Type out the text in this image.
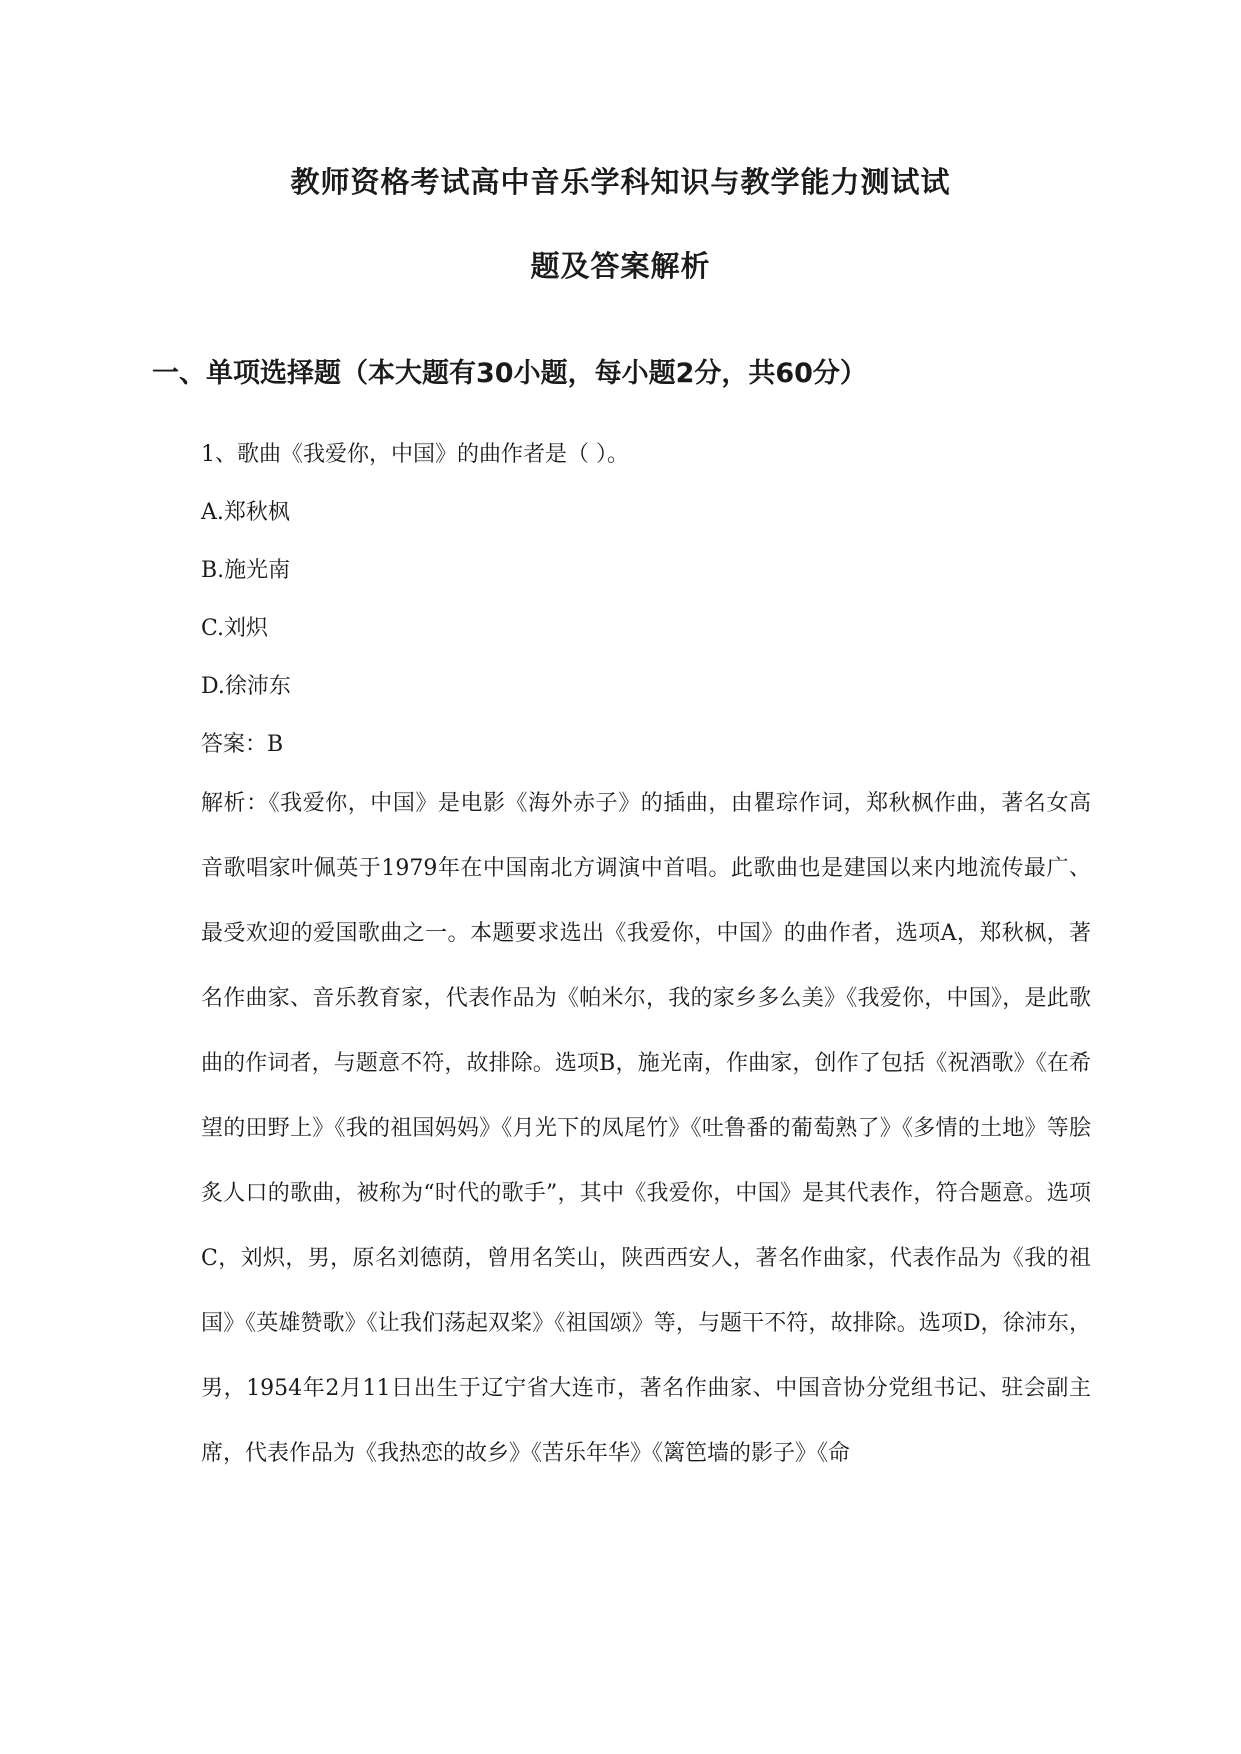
教师资格考试高中音乐学科知识与教学能力测试试
题及答案解析
一、单项选择题（本大题有30小题，每小题2分，共60分）
1、歌曲《我爱你，中国》的曲作者是（ ）。
A.郑秋枫
B.施光南
C.刘炽
D.徐沛东
答案：B
解析：《我爱你，中国》是电影《海外赤子》的插曲，由瞿琮作词，郑秋枫作曲，著名女高音歌唱家叶佩英于1979年在中国南北方调演中首唱。此歌曲也是建国以来内地流传最广、最受欢迎的爱国歌曲之一。本题要求选出《我爱你，中国》的曲作者，选项A，郑秋枫，著名作曲家、音乐教育家，代表作品为《帕米尔，我的家乡多么美》《我爱你，中国》，是此歌曲的作词者，与题意不符，故排除。选项B，施光南，作曲家，创作了包括《祝酒歌》《在希望的田野上》《我的祖国妈妈》《月光下的凤尾竹》《吐鲁番的葡萄熟了》《多情的土地》等脍炙人口的歌曲，被称为“时代的歌手”，其中《我爱你，中国》是其代表作，符合题意。选项C，刘炽，男，原名刘德荫，曾用名笑山，陕西西安人，著名作曲家，代表作品为《我的祖国》《英雄赞歌》《让我们荡起双桨》《祖国颂》等，与题干不符，故排除。选项D，徐沛东，男，1954年2月11日出生于辽宁省大连市，著名作曲家、中国音协分党组书记、驻会副主席，代表作品为《我热恋的故乡》《苦乐年华》《篱笆墙的影子》《命
